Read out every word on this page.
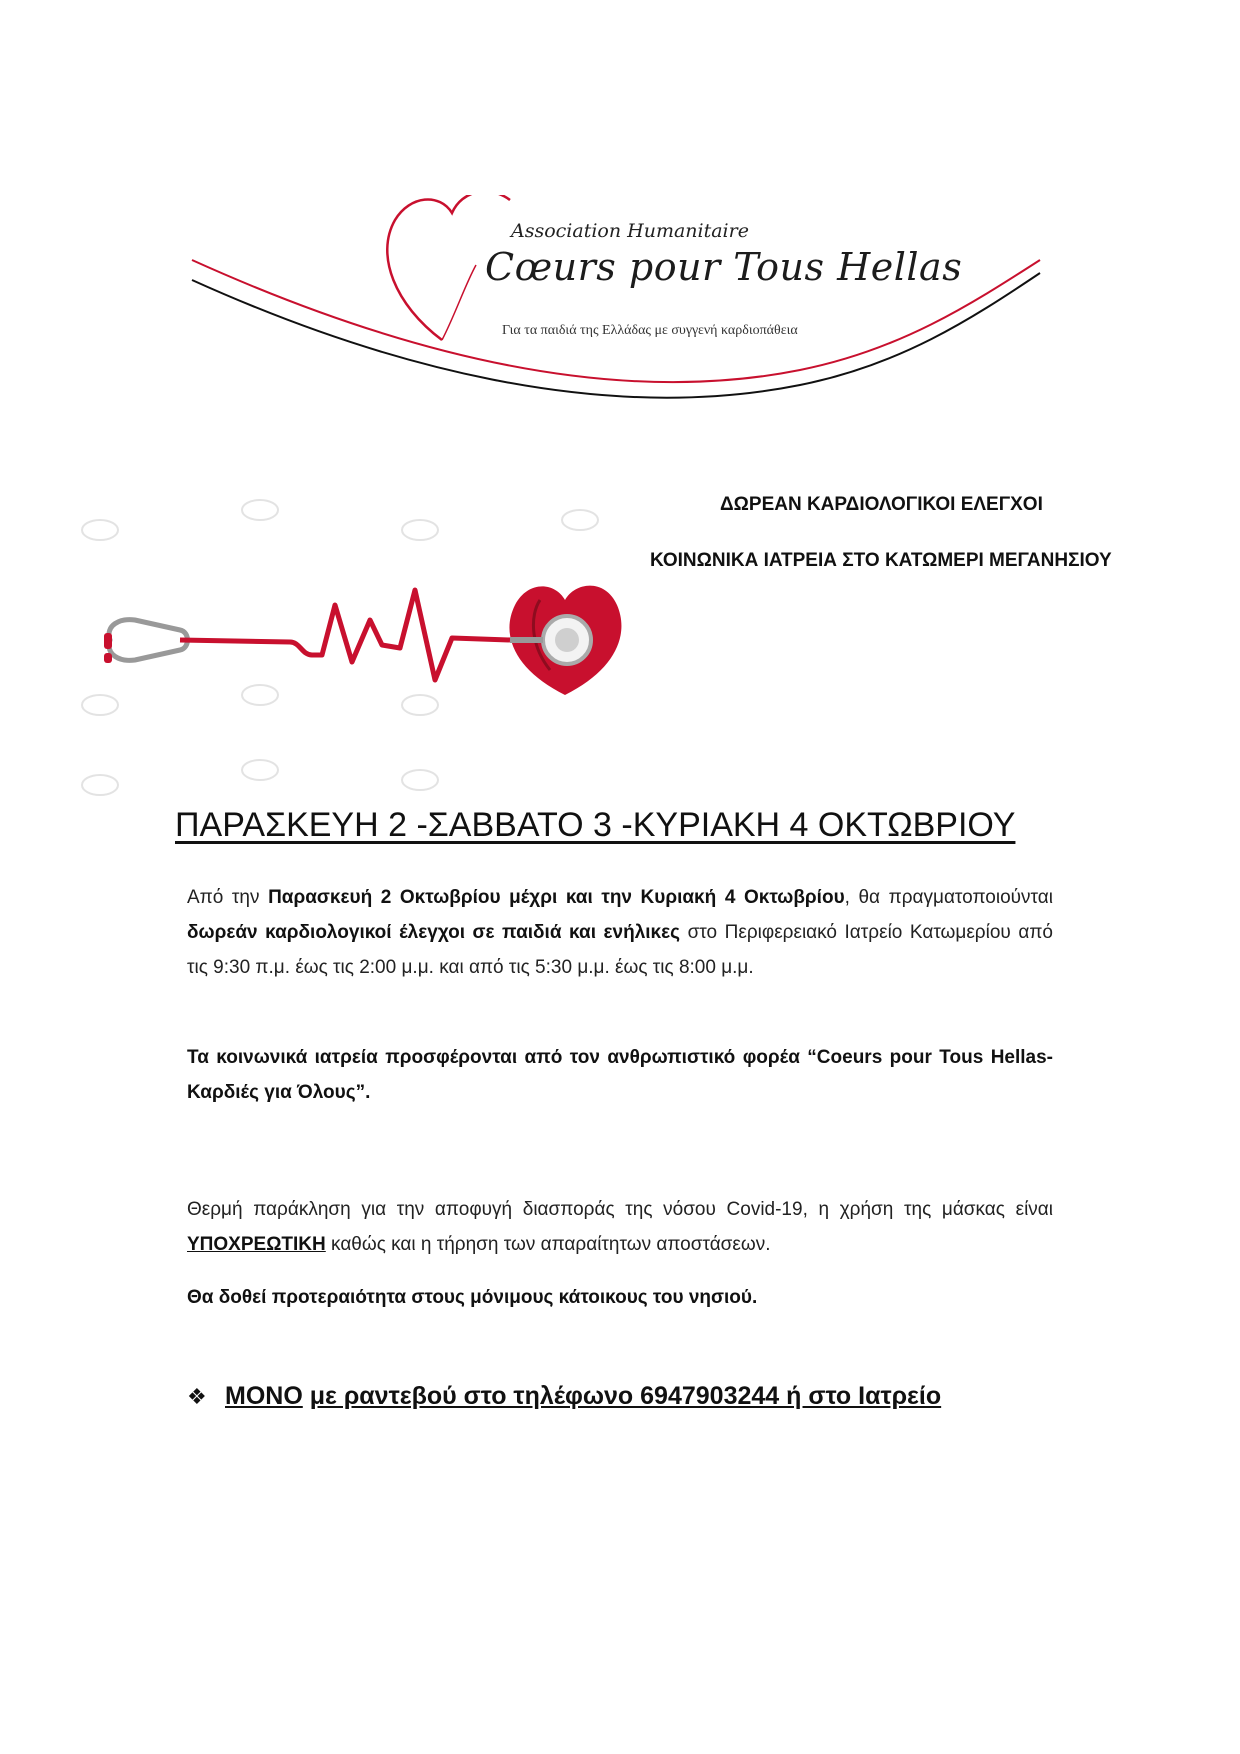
Association Humanitaire
Cœurs pour Tous Hellas
Για τα παιδιά της Ελλάδας με συγγενή καρδιοπάθεια
ΔΩΡΕΑΝ ΚΑΡΔΙΟΛΟΓΙΚΟΙ ΕΛΕΓΧΟΙ
ΚΟΙΝΩΝΙΚΑ ΙΑΤΡΕΙΑ ΣΤΟ ΚΑΤΩΜΕΡΙ ΜΕΓΑΝΗΣΙΟΥ
ΠΑΡΑΣΚΕΥΗ 2 -ΣΑΒΒΑΤΟ 3 -ΚΥΡΙΑΚΗ 4 ΟΚΤΩΒΡΙΟΥ
Από την Παρασκευή 2 Οκτωβρίου μέχρι και την Κυριακή 4 Οκτωβρίου, θα πραγματοποιούνται δωρεάν καρδιολογικοί έλεγχοι σε παιδιά και ενήλικες στο Περιφερειακό Ιατρείο Κατωμερίου από τις 9:30 π.μ. έως τις 2:00 μ.μ. και από τις 5:30 μ.μ. έως τις 8:00 μ.μ.
Τα κοινωνικά ιατρεία προσφέρονται από τον ανθρωπιστικό φορέα “Coeurs pour Tous Hellas-Καρδιές για Όλους”.
Θερμή παράκληση για την αποφυγή διασποράς της νόσου Covid-19, η χρήση της μάσκας είναι ΥΠΟΧΡΕΩΤΙΚΗ καθώς και η τήρηση των απαραίτητων αποστάσεων.
Θα δοθεί προτεραιότητα στους μόνιμους κάτοικους του νησιού.
❖ ΜΟΝΟ με ραντεβού στο τηλέφωνο 6947903244 ή στο Ιατρείο
